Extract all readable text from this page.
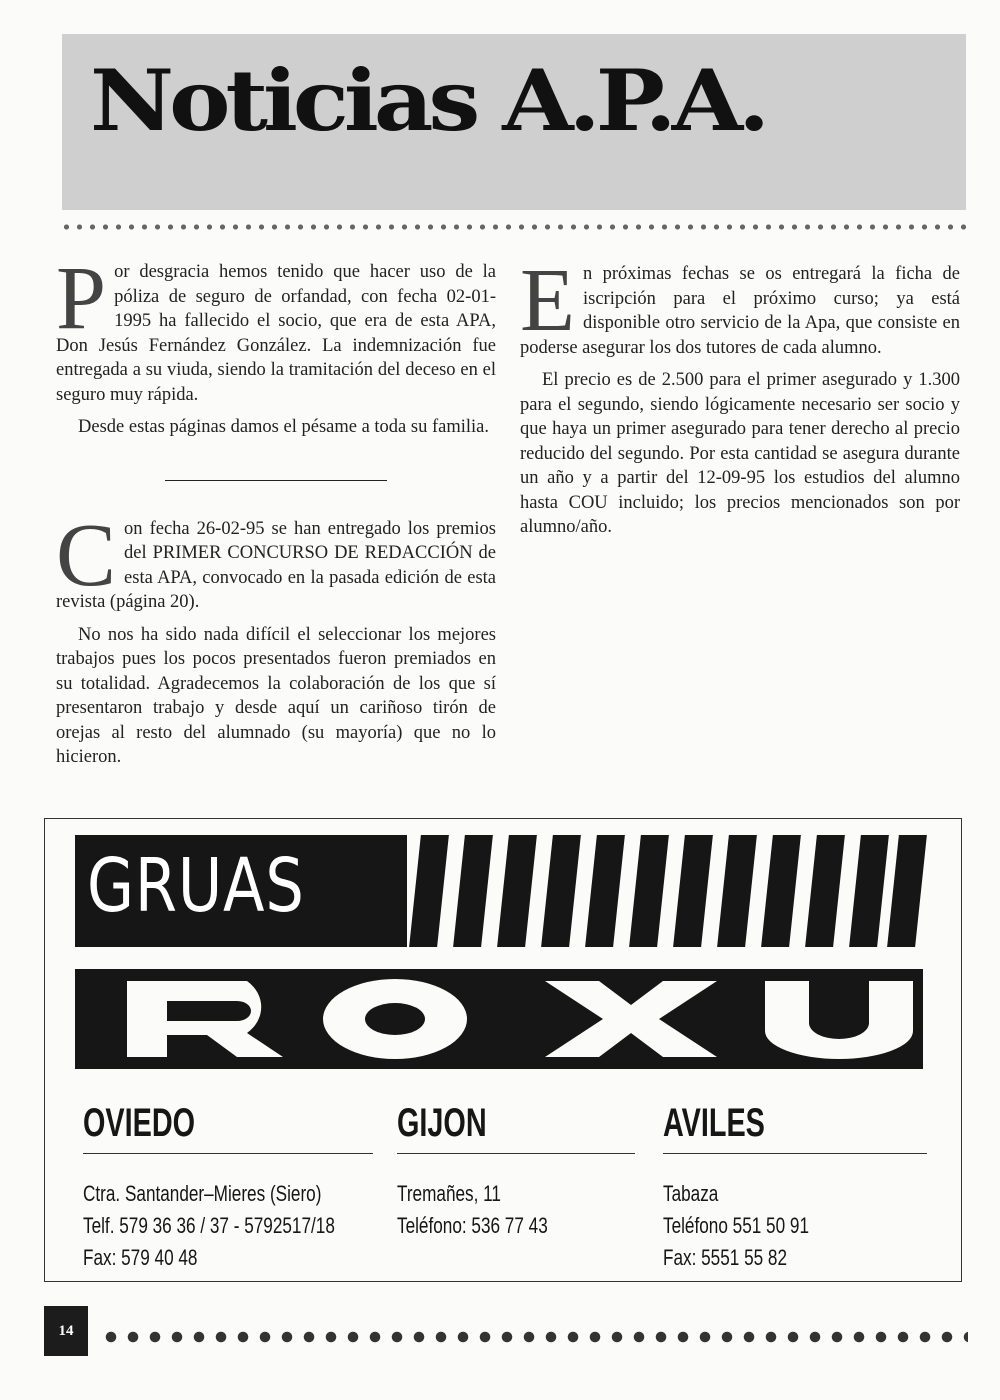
Noticias A.P.A.

Por desgracia hemos tenido que hacer uso de la póliza de seguro de orfandad, con fecha 02-01-1995 ha fallecido el socio, que era de esta APA, Don Jesús Fernández González. La indemnización fue entregada a su viuda, siendo la tramitación del deceso en el seguro muy rápida.

Desde estas páginas damos el pésame a toda su familia.

Con fecha 26-02-95 se han entregado los premios del PRIMER CONCURSO DE REDACCIÓN de esta APA, convocado en la pasada edición de esta revista (página 20).

No nos ha sido nada difícil el seleccionar los mejores trabajos pues los pocos presentados fueron premiados en su totalidad. Agradecemos la colaboración de los que sí presentaron trabajo y desde aquí un cariñoso tirón de orejas al resto del alumnado (su mayoría) que no lo hicieron.

En próximas fechas se os entregará la ficha de iscripción para el próximo curso; ya está disponible otro servicio de la Apa, que consiste en poderse asegurar los dos tutores de cada alumno.

El precio es de 2.500 para el primer asegurado y 1.300 para el segundo, siendo lógicamente necesario ser socio y que haya un primer asegurado para tener derecho al precio reducido del segundo. Por esta cantidad se asegura durante un año y a partir del 12-09-95 los estudios del alumno hasta COU incluido; los precios mencionados son por alumno/año.

GRUAS
OVIEDO
Ctra. Santander–Mieres (Siero)
Telf. 579 36 36 / 37 - 5792517/18
Fax: 579 40 48
GIJON
Tremañes, 11
Teléfono: 536 77 43
AVILES
Tabaza
Teléfono 551 50 91
Fax: 5551 55 82
14
